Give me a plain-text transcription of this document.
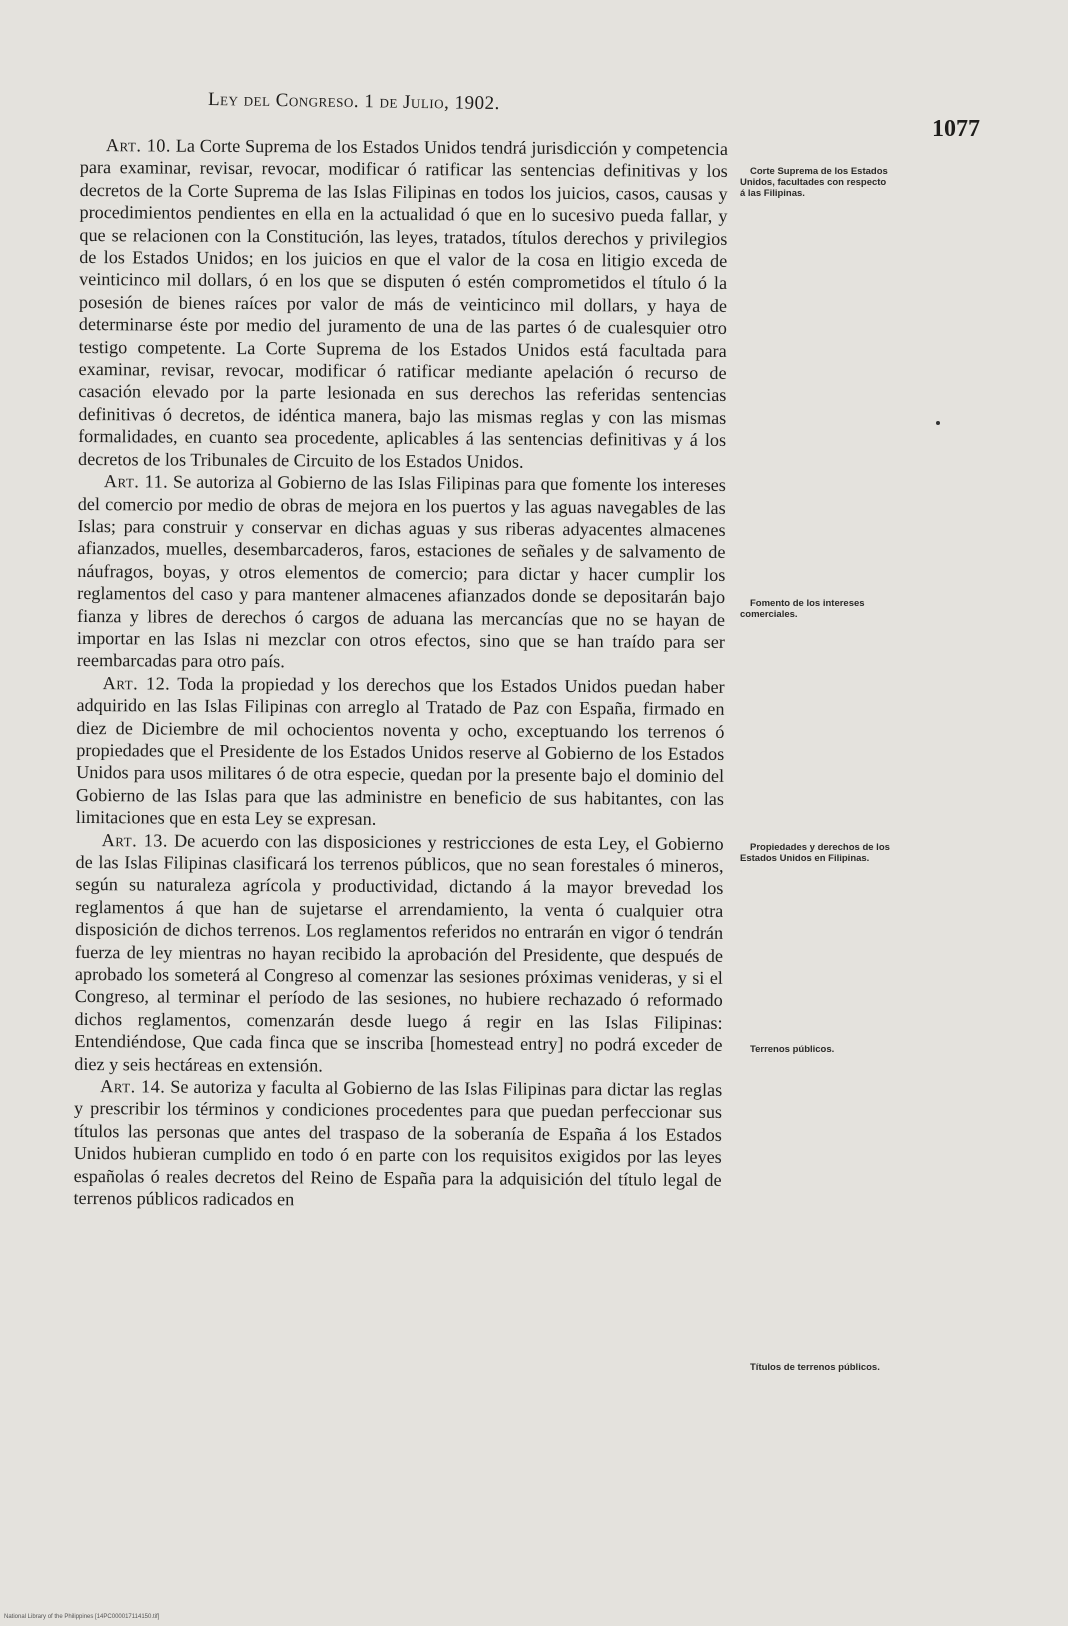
Ley del Congreso. 1 de Julio, 1902.
1077

Art. 10. La Corte Suprema de los Estados Unidos tendrá jurisdicción y competencia para examinar, revisar, revocar, modificar ó ratificar las sentencias definitivas y los decretos de la Corte Suprema de las Islas Filipinas en todos los juicios, casos, causas y procedimientos pendientes en ella en la actualidad ó que en lo sucesivo pueda fallar, y que se relacionen con la Constitución, las leyes, tratados, títulos derechos y privilegios de los Estados Unidos; en los juicios en que el valor de la cosa en litigio exceda de veinticinco mil dollars, ó en los que se disputen ó estén comprometidos el título ó la posesión de bienes raíces por valor de más de veinticinco mil dollars, y haya de determinarse éste por medio del juramento de una de las partes ó de cualesquier otro testigo competente. La Corte Suprema de los Estados Unidos está facultada para examinar, revisar, revocar, modificar ó ratificar mediante apelación ó recurso de casación elevado por la parte lesionada en sus derechos las referidas sentencias definitivas ó decretos, de idéntica manera, bajo las mismas reglas y con las mismas formalidades, en cuanto sea procedente, aplicables á las sentencias definitivas y á los decretos de los Tribunales de Circuito de los Estados Unidos.

Art. 11. Se autoriza al Gobierno de las Islas Filipinas para que fomente los intereses del comercio por medio de obras de mejora en los puertos y las aguas navegables de las Islas; para construir y conservar en dichas aguas y sus riberas adyacentes almacenes afianzados, muelles, desembarcaderos, faros, estaciones de señales y de salvamento de náufragos, boyas, y otros elementos de comercio; para dictar y hacer cumplir los reglamentos del caso y para mantener almacenes afianzados donde se depositarán bajo fianza y libres de derechos ó cargos de aduana las mercancías que no se hayan de importar en las Islas ni mezclar con otros efectos, sino que se han traído para ser reembarcadas para otro país.

Art. 12. Toda la propiedad y los derechos que los Estados Unidos puedan haber adquirido en las Islas Filipinas con arreglo al Tratado de Paz con España, firmado en diez de Diciembre de mil ochocientos noventa y ocho, exceptuando los terrenos ó propiedades que el Presidente de los Estados Unidos reserve al Gobierno de los Estados Unidos para usos militares ó de otra especie, quedan por la presente bajo el dominio del Gobierno de las Islas para que las administre en beneficio de sus habitantes, con las limitaciones que en esta Ley se expresan.

Art. 13. De acuerdo con las disposiciones y restricciones de esta Ley, el Gobierno de las Islas Filipinas clasificará los terrenos públicos, que no sean forestales ó mineros, según su naturaleza agrícola y productividad, dictando á la mayor brevedad los reglamentos á que han de sujetarse el arrendamiento, la venta ó cualquier otra disposición de dichos terrenos. Los reglamentos referidos no entrarán en vigor ó tendrán fuerza de ley mientras no hayan recibido la aprobación del Presidente, que después de aprobado los someterá al Congreso al comenzar las sesiones próximas venideras, y si el Congreso, al terminar el período de las sesiones, no hubiere rechazado ó reformado dichos reglamentos, comenzarán desde luego á regir en las Islas Filipinas: Entendiéndose, Que cada finca que se inscriba [homestead entry] no podrá exceder de diez y seis hectáreas en extensión.

Art. 14. Se autoriza y faculta al Gobierno de las Islas Filipinas para dictar las reglas y prescribir los términos y condiciones procedentes para que puedan perfeccionar sus títulos las personas que antes del traspaso de la soberanía de España á los Estados Unidos hubieran cumplido en todo ó en parte con los requisitos exigidos por las leyes españolas ó reales decretos del Reino de España para la adquisición del título legal de terrenos públicos radicados en

Corte Suprema de los Estados Unidos, facultades con respecto á las Filipinas.
Fomento de los intereses comerciales.
Propiedades y derechos de los Estados Unidos en Filipinas.
Terrenos públicos.
Títulos de terrenos públicos.
National Library of the Philippines [14PC000017114150.tif]
